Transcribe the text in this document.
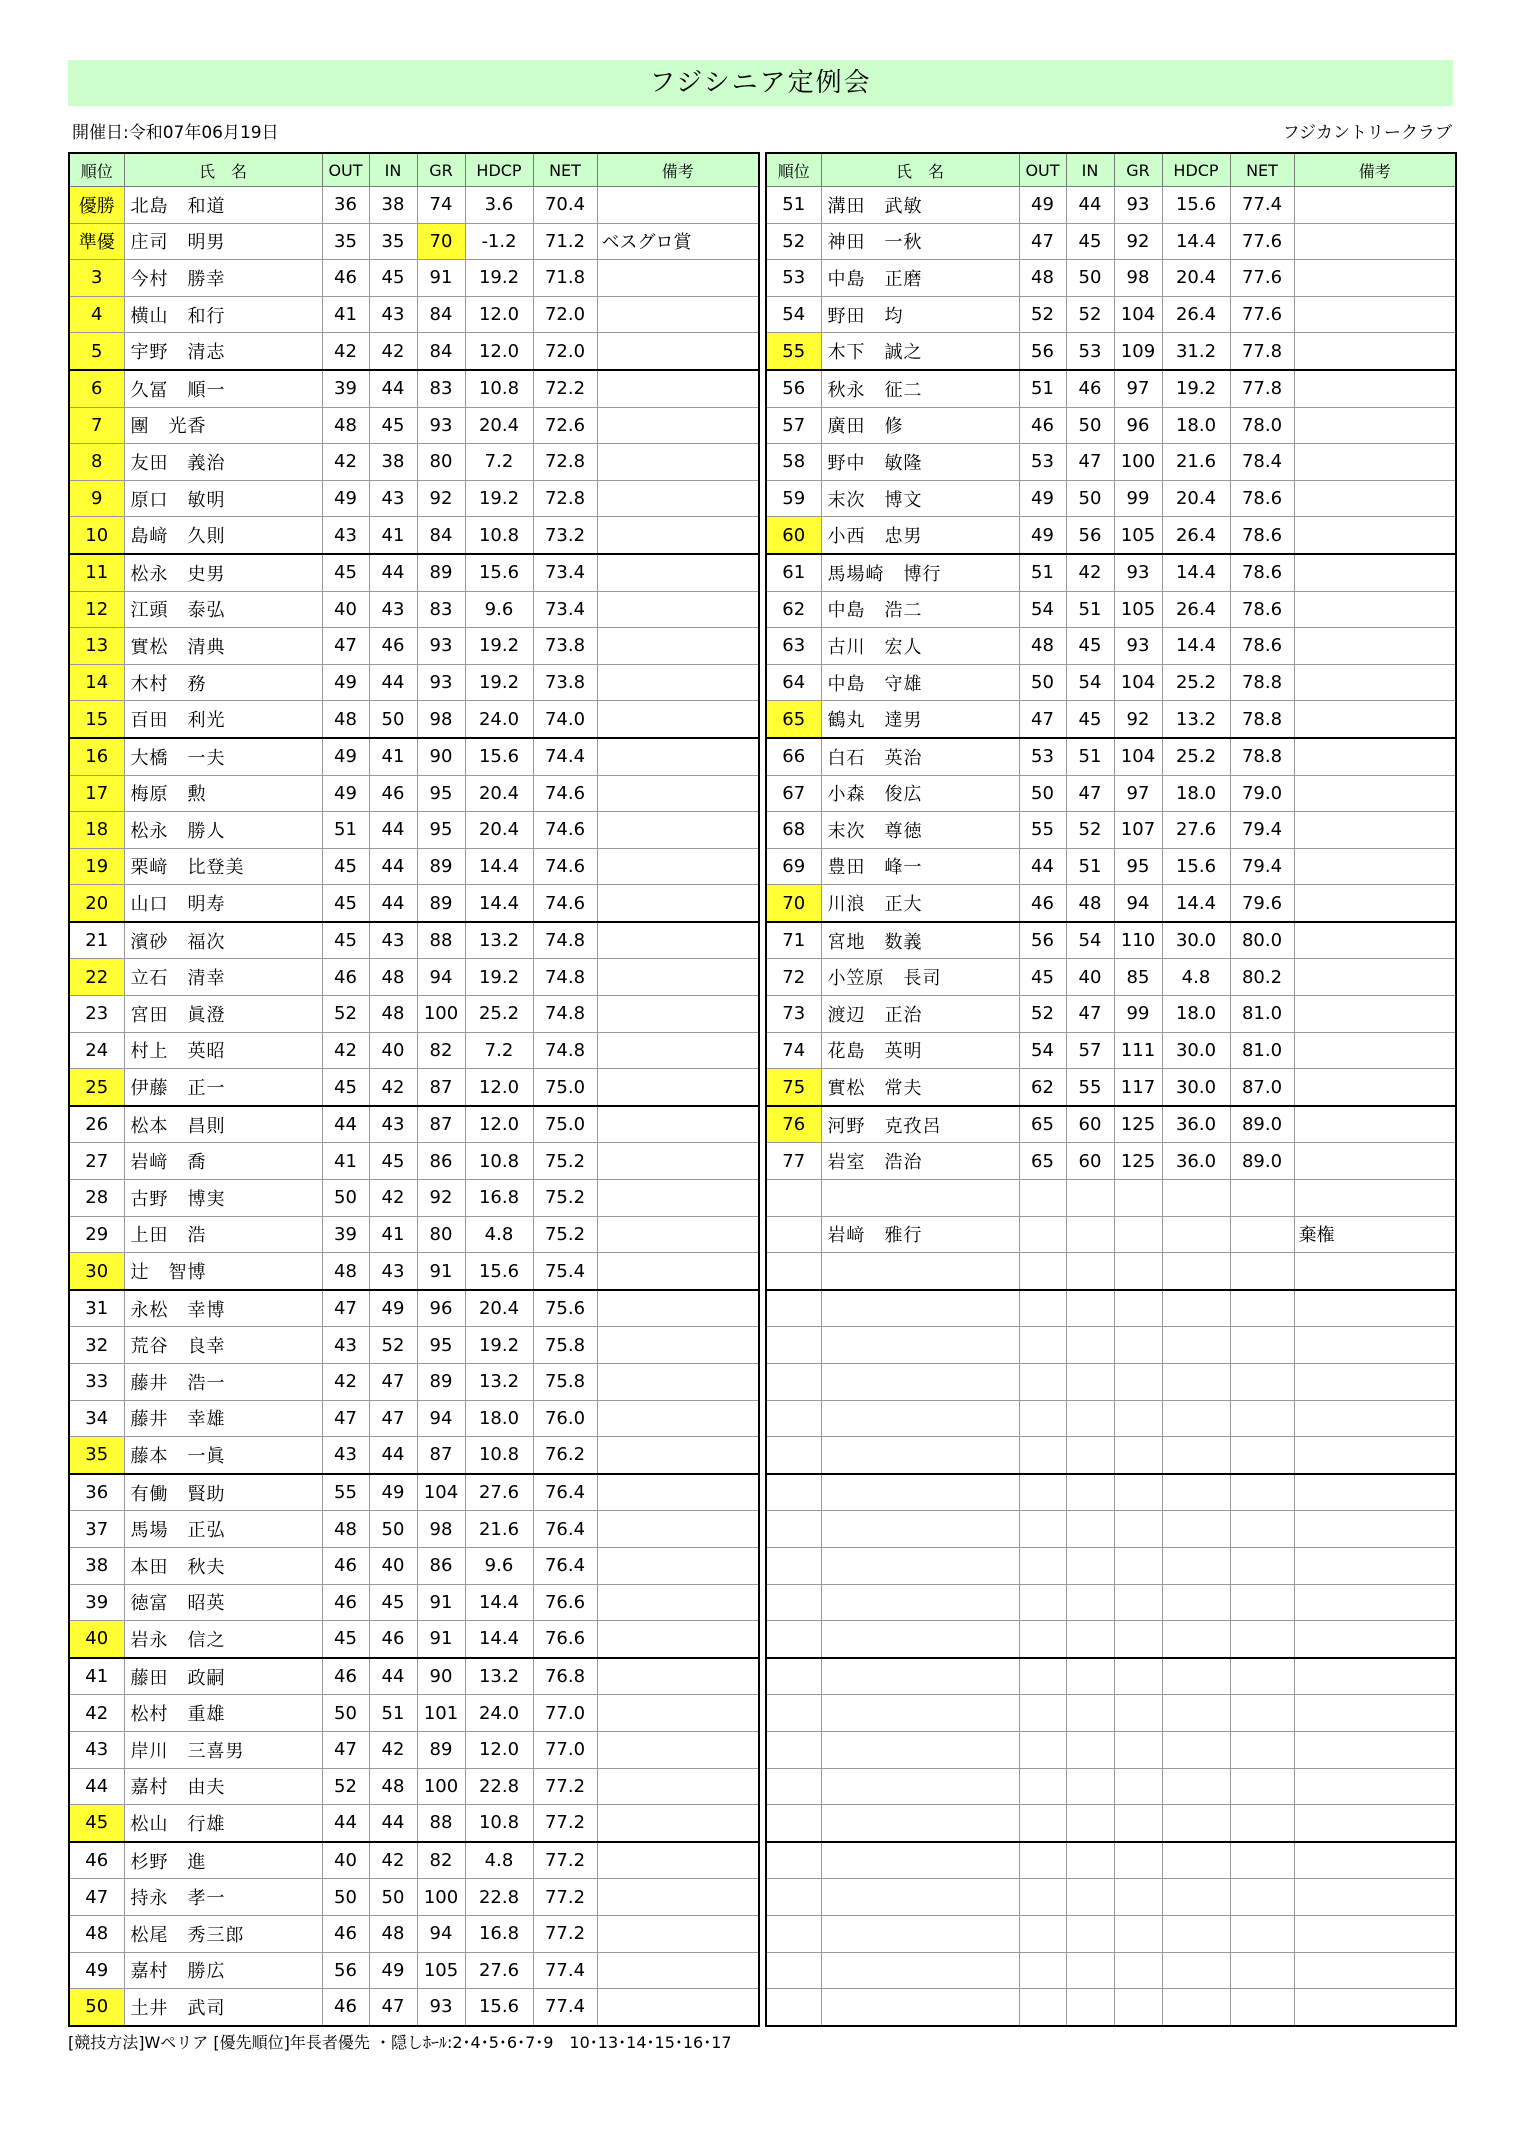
フジシニア定例会
開催日:令和07年06月19日	フジカントリークラブ
順位	氏　名	OUT	IN	GR	HDCP	NET	備考
優勝	北島　和道	36	38	74	3.6	70.4	
準優	庄司　明男	35	35	70	-1.2	71.2	ベスグロ賞
3	今村　勝幸	46	45	91	19.2	71.8	
4	横山　和行	41	43	84	12.0	72.0	
5	宇野　清志	42	42	84	12.0	72.0	
6	久冨　順一	39	44	83	10.8	72.2	
7	團　光香	48	45	93	20.4	72.6	
8	友田　義治	42	38	80	7.2	72.8	
9	原口　敏明	49	43	92	19.2	72.8	
10	島﨑　久則	43	41	84	10.8	73.2	
11	松永　史男	45	44	89	15.6	73.4	
12	江頭　泰弘	40	43	83	9.6	73.4	
13	實松　清典	47	46	93	19.2	73.8	
14	木村　務	49	44	93	19.2	73.8	
15	百田　利光	48	50	98	24.0	74.0	
16	大橋　一夫	49	41	90	15.6	74.4	
17	梅原　勲	49	46	95	20.4	74.6	
18	松永　勝人	51	44	95	20.4	74.6	
19	栗﨑　比登美	45	44	89	14.4	74.6	
20	山口　明寿	45	44	89	14.4	74.6	
21	濱砂　福次	45	43	88	13.2	74.8	
22	立石　清幸	46	48	94	19.2	74.8	
23	宮田　眞澄	52	48	100	25.2	74.8	
24	村上　英昭	42	40	82	7.2	74.8	
25	伊藤　正一	45	42	87	12.0	75.0	
26	松本　昌則	44	43	87	12.0	75.0	
27	岩﨑　喬	41	45	86	10.8	75.2	
28	古野　博実	50	42	92	16.8	75.2	
29	上田　浩	39	41	80	4.8	75.2	
30	辻　智博	48	43	91	15.6	75.4	
31	永松　幸博	47	49	96	20.4	75.6	
32	荒谷　良幸	43	52	95	19.2	75.8	
33	藤井　浩一	42	47	89	13.2	75.8	
34	藤井　幸雄	47	47	94	18.0	76.0	
35	藤本　一眞	43	44	87	10.8	76.2	
36	有働　賢助	55	49	104	27.6	76.4	
37	馬場　正弘	48	50	98	21.6	76.4	
38	本田　秋夫	46	40	86	9.6	76.4	
39	徳富　昭英	46	45	91	14.4	76.6	
40	岩永　信之	45	46	91	14.4	76.6	
41	藤田　政嗣	46	44	90	13.2	76.8	
42	松村　重雄	50	51	101	24.0	77.0	
43	岸川　三喜男	47	42	89	12.0	77.0	
44	嘉村　由夫	52	48	100	22.8	77.2	
45	松山　行雄	44	44	88	10.8	77.2	
46	杉野　進	40	42	82	4.8	77.2	
47	持永　孝一	50	50	100	22.8	77.2	
48	松尾　秀三郎	46	48	94	16.8	77.2	
49	嘉村　勝広	56	49	105	27.6	77.4	
50	土井　武司	46	47	93	15.6	77.4	
順位	氏　名	OUT	IN	GR	HDCP	NET	備考
51	溝田　武敏	49	44	93	15.6	77.4	
52	神田　一秋	47	45	92	14.4	77.6	
53	中島　正磨	48	50	98	20.4	77.6	
54	野田　均	52	52	104	26.4	77.6	
55	木下　誠之	56	53	109	31.2	77.8	
56	秋永　征二	51	46	97	19.2	77.8	
57	廣田　修	46	50	96	18.0	78.0	
58	野中　敏隆	53	47	100	21.6	78.4	
59	末次　博文	49	50	99	20.4	78.6	
60	小西　忠男	49	56	105	26.4	78.6	
61	馬場崎　博行	51	42	93	14.4	78.6	
62	中島　浩二	54	51	105	26.4	78.6	
63	古川　宏人	48	45	93	14.4	78.6	
64	中島　守雄	50	54	104	25.2	78.8	
65	鶴丸　達男	47	45	92	13.2	78.8	
66	白石　英治	53	51	104	25.2	78.8	
67	小森　俊広	50	47	97	18.0	79.0	
68	末次　尊徳	55	52	107	27.6	79.4	
69	豊田　峰一	44	51	95	15.6	79.4	
70	川浪　正大	46	48	94	14.4	79.6	
71	宮地　数義	56	54	110	30.0	80.0	
72	小笠原　長司	45	40	85	4.8	80.2	
73	渡辺　正治	52	47	99	18.0	81.0	
74	花島　英明	54	57	111	30.0	81.0	
75	實松　常夫	62	55	117	30.0	87.0	
76	河野　克孜呂	65	60	125	36.0	89.0	
77	岩室　浩治	65	60	125	36.0	89.0	

	岩﨑　雅行						棄権

[競技方法]Wペリア [優先順位]年長者優先 ・隠しﾎｰﾙ:2･4･5･6･7･9　10･13･14･15･16･17
